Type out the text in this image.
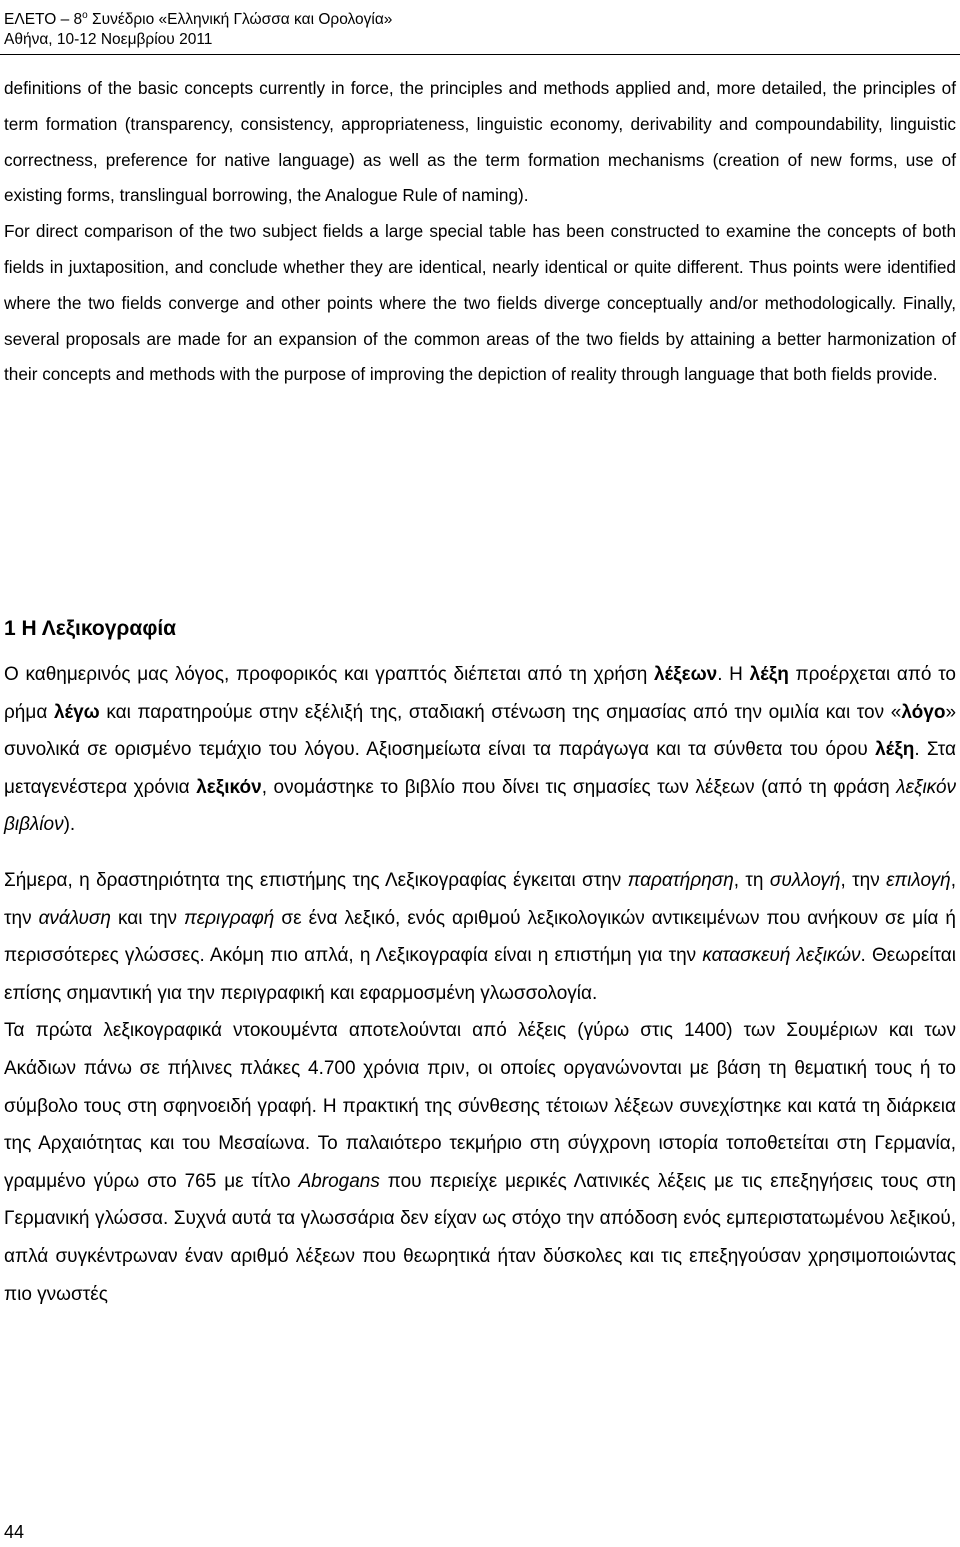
ΕΛΕΤΟ – $8^o$ Συνέδριο «Ελληνική Γλώσσα και Ορολογία»
Αθήνα, 10-12 Νοεμβρίου 2011

definitions of the basic concepts currently in force, the principles and methods applied and, more detailed, the principles of term formation (transparency, consistency, appropriateness, linguistic economy, derivability and compoundability, linguistic correctness, preference for native language) as well as the term formation mechanisms (creation of new forms, use of existing forms, translingual borrowing, the Analogue Rule of naming).

For direct comparison of the two subject fields a large special table has been constructed to examine the concepts of both fields in juxtaposition, and conclude whether they are identical, nearly identical or quite different. Thus points were identified where the two fields converge and other points where the two fields diverge conceptually and/or methodologically. Finally, several proposals are made for an expansion of the common areas of the two fields by attaining a better harmonization of their concepts and methods with the purpose of improving the depiction of reality through language that both fields provide.

1 Η Λεξικογραφία

Ο καθημερινός μας λόγος, προφορικός και γραπτός διέπεται από τη χρήση λέξεων. Η λέξη προέρχεται από το ρήμα λέγω και παρατηρούμε στην εξέλιξή της, σταδιακή στένωση της σημασίας από την ομιλία και τον «λόγο» συνολικά σε ορισμένο τεμάχιο του λόγου. Αξιοσημείωτα είναι τα παράγωγα και τα σύνθετα του όρου λέξη. Στα μεταγενέστερα χρόνια λεξικόν, ονομάστηκε το βιβλίο που δίνει τις σημασίες των λέξεων (από τη φράση λεξικόν βιβλίον).

Σήμερα, η δραστηριότητα της επιστήμης της Λεξικογραφίας έγκειται στην παρατήρηση, τη συλλογή, την επιλογή, την ανάλυση και την περιγραφή σε ένα λεξικό, ενός αριθμού λεξικολογικών αντικειμένων που ανήκουν σε μία ή περισσότερες γλώσσες. Ακόμη πιο απλά, η Λεξικογραφία είναι η επιστήμη για την κατασκευή λεξικών. Θεωρείται επίσης σημαντική για την περιγραφική και εφαρμοσμένη γλωσσολογία.

Τα πρώτα λεξικογραφικά ντοκουμέντα αποτελούνται από λέξεις (γύρω στις 1400) των Σουμέριων και των Ακάδιων πάνω σε πήλινες πλάκες 4.700 χρόνια πριν, οι οποίες οργανώνονται με βάση τη θεματική τους ή το σύμβολο τους στη σφηνοειδή γραφή. Η πρακτική της σύνθεσης τέτοιων λέξεων συνεχίστηκε και κατά τη διάρκεια της Αρχαιότητας και του Μεσαίωνα. Το παλαιότερο τεκμήριο στη σύγχρονη ιστορία τοποθετείται στη Γερμανία, γραμμένο γύρω στο 765 με τίτλο Abrogans που περιείχε μερικές Λατινικές λέξεις με τις επεξηγήσεις τους στη Γερμανική γλώσσα. Συχνά αυτά τα γλωσσάρια δεν είχαν ως στόχο την απόδοση ενός εμπεριστατωμένου λεξικού, απλά συγκέντρωναν έναν αριθμό λέξεων που θεωρητικά ήταν δύσκολες και τις επεξηγούσαν χρησιμοποιώντας πιο γνωστές

44
